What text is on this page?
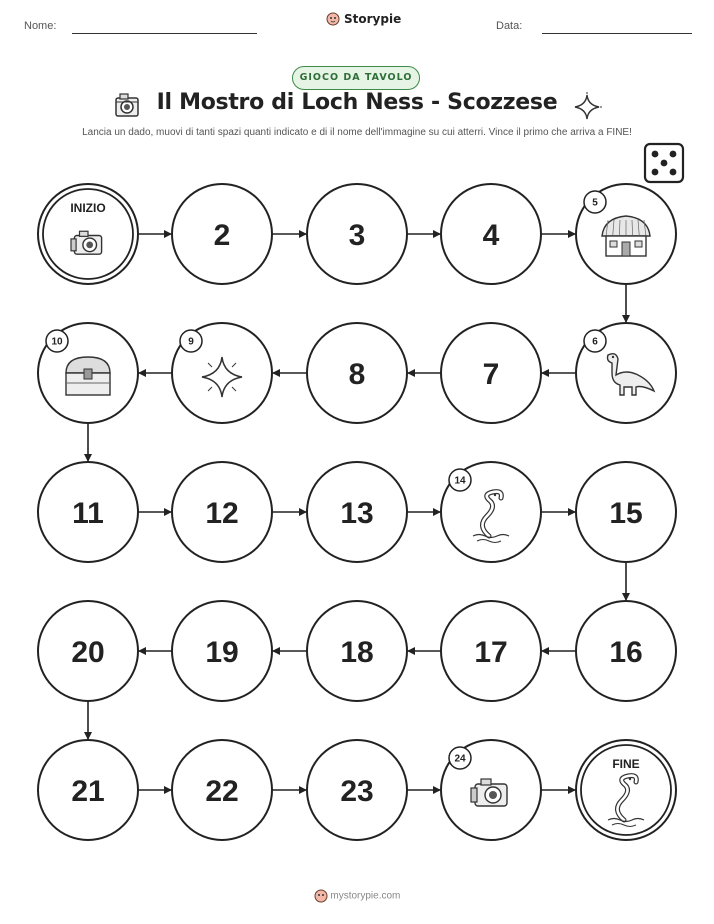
Nome:	Storypie	Data:
GIOCO DA TAVOLO
Il Mostro di Loch Ness - Scozzese
Lancia un dado, muovi di tanti spazi quanti indicato e di il nome dell'immagine su cui atterri. Vince il primo che arriva a FINE!
INIZIO
2	3	4
5
6
7
8
9
10
11	12	13
14
15
16
17
18
19
20
21	22	23
24	FINE
mystorypie.com
